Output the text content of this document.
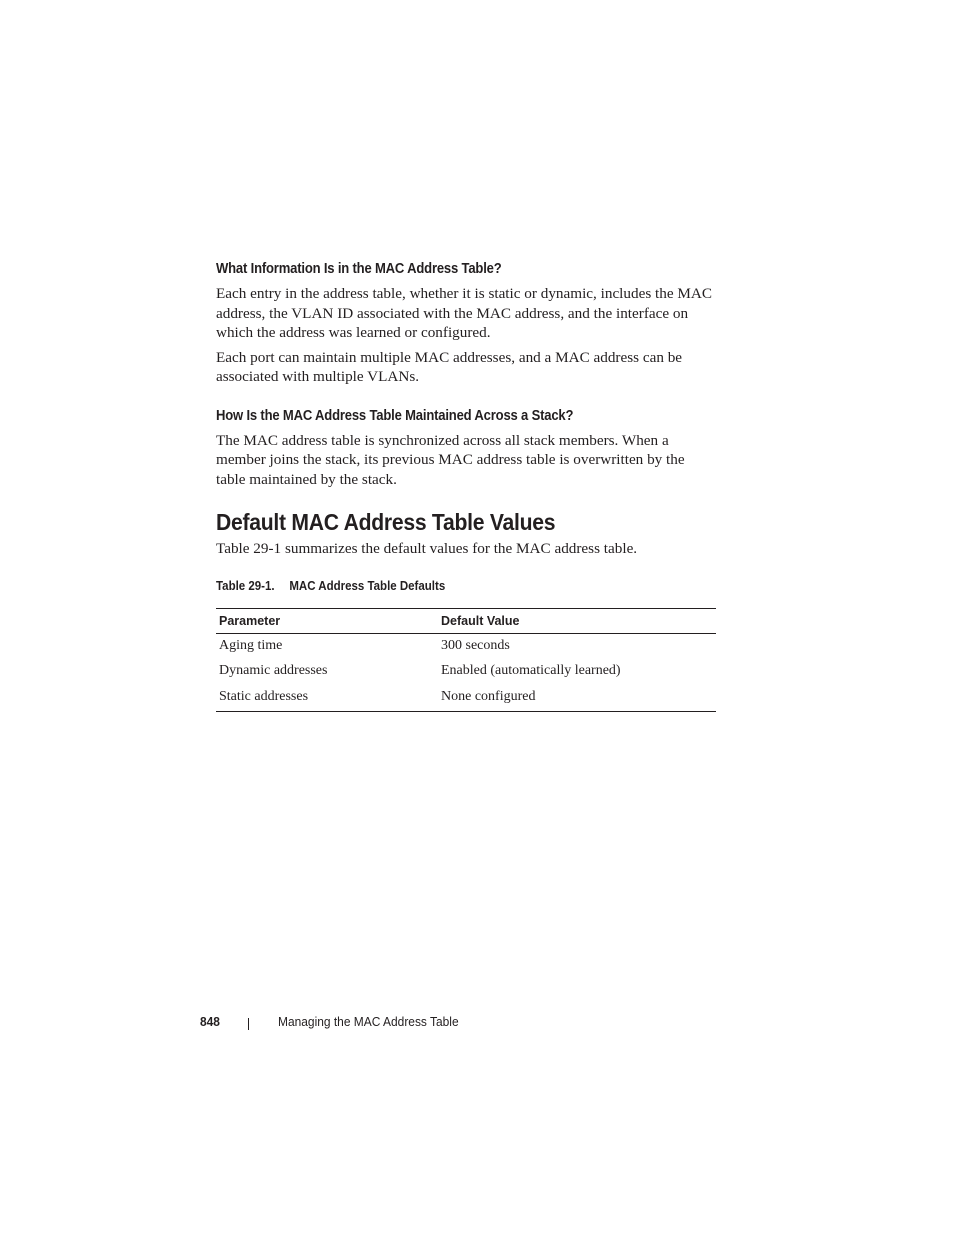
What Information Is in the MAC Address Table?

Each entry in the address table, whether it is static or dynamic, includes the MAC address, the VLAN ID associated with the MAC address, and the interface on which the address was learned or configured.

Each port can maintain multiple MAC addresses, and a MAC address can be associated with multiple VLANs.

How Is the MAC Address Table Maintained Across a Stack?

The MAC address table is synchronized across all stack members. When a member joins the stack, its previous MAC address table is overwritten by the table maintained by the stack.

Default MAC Address Table Values

Table 29-1 summarizes the default values for the MAC address table.

Table 29-1. MAC Address Table Defaults
Parameter	Default Value
Aging time	300 seconds
Dynamic addresses	Enabled (automatically learned)
Static addresses	None configured
848	Managing the MAC Address Table
